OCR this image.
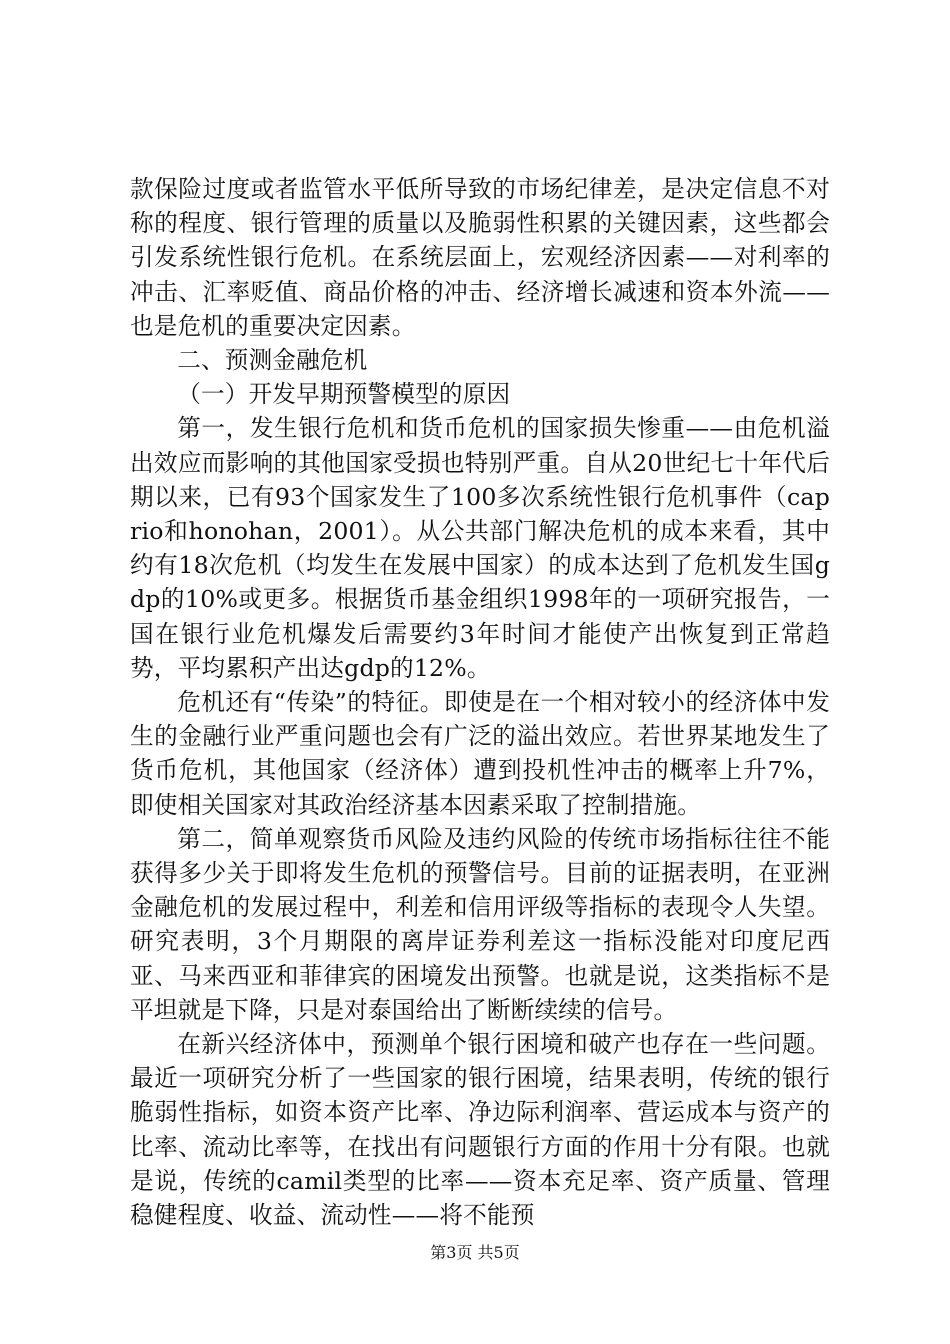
款保险过度或者监管水平低所导致的市场纪律差，是决定信息不对称的程度、银行管理的质量以及脆弱性积累的关键因素，这些都会引发系统性银行危机。在系统层面上，宏观经济因素——对利率的冲击、汇率贬值、商品价格的冲击、经济增长减速和资本外流——也是危机的重要决定因素。

二、预测金融危机

（一）开发早期预警模型的原因

第一，发生银行危机和货币危机的国家损失惨重——由危机溢出效应而影响的其他国家受损也特别严重。自从20世纪七十年代后期以来，已有93个国家发生了100多次系统性银行危机事件（caprio和honohan，2001）。从公共部门解决危机的成本来看，其中约有18次危机（均发生在发展中国家）的成本达到了危机发生国gdp的10%或更多。根据货币基金组织1998年的一项研究报告，一国在银行业危机爆发后需要约3年时间才能使产出恢复到正常趋势，平均累积产出达gdp的12%。

危机还有“传染”的特征。即使是在一个相对较小的经济体中发生的金融行业严重问题也会有广泛的溢出效应。若世界某地发生了货币危机，其他国家（经济体）遭到投机性冲击的概率上升7%，即使相关国家对其政治经济基本因素采取了控制措施。

第二，简单观察货币风险及违约风险的传统市场指标往往不能获得多少关于即将发生危机的预警信号。目前的证据表明，在亚洲金融危机的发展过程中，利差和信用评级等指标的表现令人失望。研究表明，3个月期限的离岸证券利差这一指标没能对印度尼西亚、马来西亚和菲律宾的困境发出预警。也就是说，这类指标不是平坦就是下降，只是对泰国给出了断断续续的信号。

在新兴经济体中，预测单个银行困境和破产也存在一些问题。最近一项研究分析了一些国家的银行困境，结果表明，传统的银行脆弱性指标，如资本资产比率、净边际利润率、营运成本与资产的比率、流动比率等，在找出有问题银行方面的作用十分有限。也就是说，传统的camil类型的比率——资本充足率、资产质量、管理稳健程度、收益、流动性——将不能预

第3页 共5页
